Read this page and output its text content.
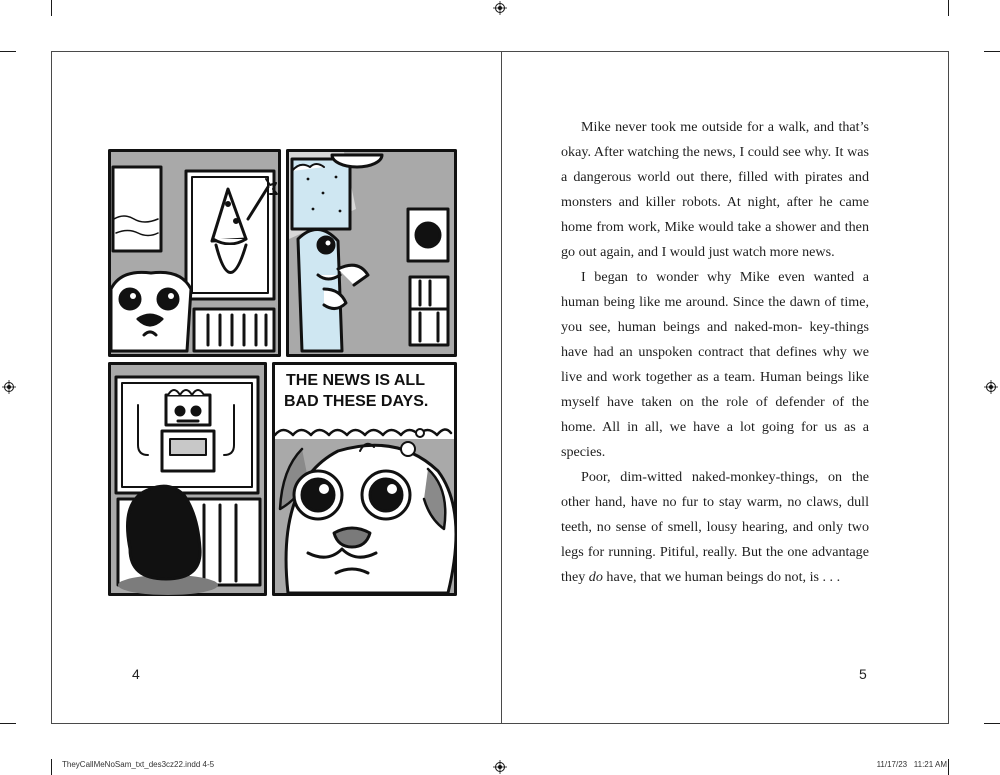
THE NEWS IS ALL
BAD THESE DAYS.
4	5

Mike never took me outside for a walk, and that’s okay. After watching the news, I could see why. It was a dangerous world out there, filled with pirates and monsters and killer robots. At night, after he came home from work, Mike would take a shower and then go out again, and I would just watch more news.

I began to wonder why Mike even wanted a human being like me around. Since the dawn of time, you see, human beings and naked-mon- key-things have had an unspoken contract that defines why we live and work together as a team. Human beings like myself have taken on the role of defender of the home. All in all, we have a lot going for us as a species.

Poor, dim-witted naked-monkey-things, on the other hand, have no fur to stay warm, no claws, dull teeth, no sense of smell, lousy hearing, and only two legs for running. Pitiful, really. But the one advantage they do have, that we human beings do not, is . . .

TheyCallMeNoSam_txt_des3cz22.indd 4-5	11/17/23 11:21 AM
